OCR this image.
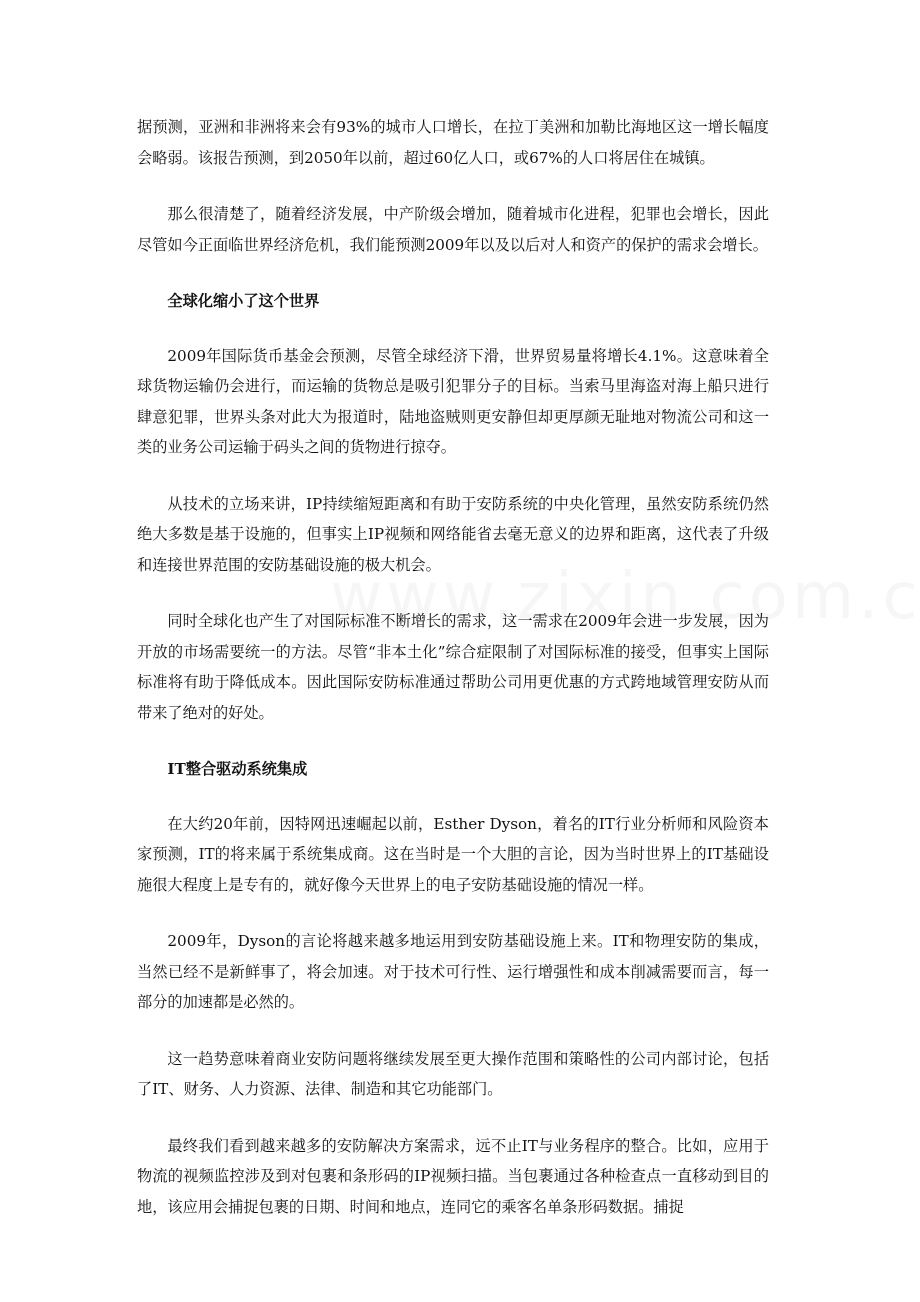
据预测，亚洲和非洲将来会有93%的城市人口增长，在拉丁美洲和加勒比海地区这一增长幅度会略弱。该报告预测，到2050年以前，超过60亿人口，或67%的人口将居住在城镇。

那么很清楚了，随着经济发展，中产阶级会增加，随着城市化进程，犯罪也会增长，因此尽管如今正面临世界经济危机，我们能预测2009年以及以后对人和资产的保护的需求会增长。

全球化缩小了这个世界

2009年国际货币基金会预测，尽管全球经济下滑，世界贸易量将增长4.1%。这意味着全球货物运输仍会进行，而运输的货物总是吸引犯罪分子的目标。当索马里海盗对海上船只进行肆意犯罪，世界头条对此大为报道时，陆地盗贼则更安静但却更厚颜无耻地对物流公司和这一类的业务公司运输于码头之间的货物进行掠夺。

从技术的立场来讲，IP持续缩短距离和有助于安防系统的中央化管理，虽然安防系统仍然绝大多数是基于设施的，但事实上IP视频和网络能省去毫无意义的边界和距离，这代表了升级和连接世界范围的安防基础设施的极大机会。

同时全球化也产生了对国际标准不断增长的需求，这一需求在2009年会进一步发展，因为开放的市场需要统一的方法。尽管“非本土化”综合症限制了对国际标准的接受，但事实上国际标准将有助于降低成本。因此国际安防标准通过帮助公司用更优惠的方式跨地域管理安防从而带来了绝对的好处。

IT整合驱动系统集成

在大约20年前，因特网迅速崛起以前，Esther Dyson，着名的IT行业分析师和风险资本家预测，IT的将来属于系统集成商。这在当时是一个大胆的言论，因为当时世界上的IT基础设施很大程度上是专有的，就好像今天世界上的电子安防基础设施的情况一样。

2009年，Dyson的言论将越来越多地运用到安防基础设施上来。IT和物理安防的集成，当然已经不是新鲜事了，将会加速。对于技术可行性、运行增强性和成本削减需要而言，每一部分的加速都是必然的。

这一趋势意味着商业安防问题将继续发展至更大操作范围和策略性的公司内部讨论，包括了IT、财务、人力资源、法律、制造和其它功能部门。

最终我们看到越来越多的安防解决方案需求，远不止IT与业务程序的整合。比如，应用于物流的视频监控涉及到对包裹和条形码的IP视频扫描。当包裹通过各种检查点一直移动到目的地，该应用会捕捉包裹的日期、时间和地点，连同它的乘客名单条形码数据。捕捉
